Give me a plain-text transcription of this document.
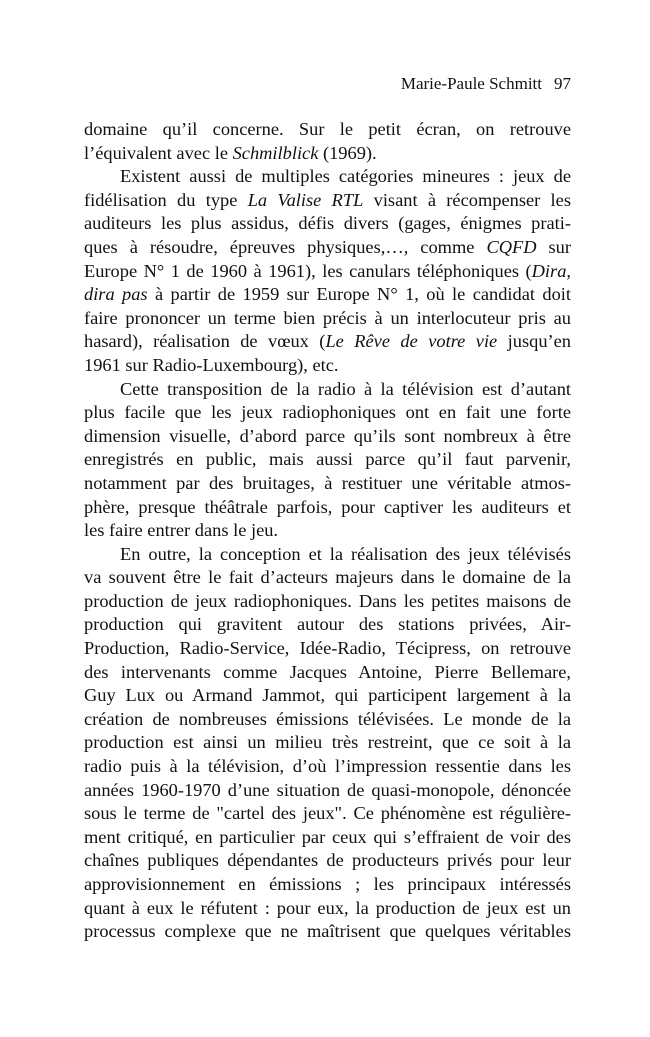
Marie-Paule Schmitt 97
domaine qu’il concerne. Sur le petit écran, on retrouve
l’équivalent avec le Schmilblick (1969).
Existent aussi de multiples catégories mineures : jeux de
fidélisation du type La Valise RTL visant à récompenser les
auditeurs les plus assidus, défis divers (gages, énigmes prati-
ques à résoudre, épreuves physiques,…, comme CQFD sur
Europe N° 1 de 1960 à 1961), les canulars téléphoniques (Dira,
dira pas à partir de 1959 sur Europe N° 1, où le candidat doit
faire prononcer un terme bien précis à un interlocuteur pris au
hasard), réalisation de vœux (Le Rêve de votre vie jusqu’en
1961 sur Radio-Luxembourg), etc.
Cette transposition de la radio à la télévision est d’autant
plus facile que les jeux radiophoniques ont en fait une forte
dimension visuelle, d’abord parce qu’ils sont nombreux à être
enregistrés en public, mais aussi parce qu’il faut parvenir,
notamment par des bruitages, à restituer une véritable atmos-
phère, presque théâtrale parfois, pour captiver les auditeurs et
les faire entrer dans le jeu.
En outre, la conception et la réalisation des jeux télévisés
va souvent être le fait d’acteurs majeurs dans le domaine de la
production de jeux radiophoniques. Dans les petites maisons de
production qui gravitent autour des stations privées, Air-
Production, Radio-Service, Idée-Radio, Técipress, on retrouve
des intervenants comme Jacques Antoine, Pierre Bellemare,
Guy Lux ou Armand Jammot, qui participent largement à la
création de nombreuses émissions télévisées. Le monde de la
production est ainsi un milieu très restreint, que ce soit à la
radio puis à la télévision, d’où l’impression ressentie dans les
années 1960-1970 d’une situation de quasi-monopole, dénoncée
sous le terme de "cartel des jeux". Ce phénomène est régulière-
ment critiqué, en particulier par ceux qui s’effraient de voir des
chaînes publiques dépendantes de producteurs privés pour leur
approvisionnement en émissions ; les principaux intéressés
quant à eux le réfutent : pour eux, la production de jeux est un
processus complexe que ne maîtrisent que quelques véritables
